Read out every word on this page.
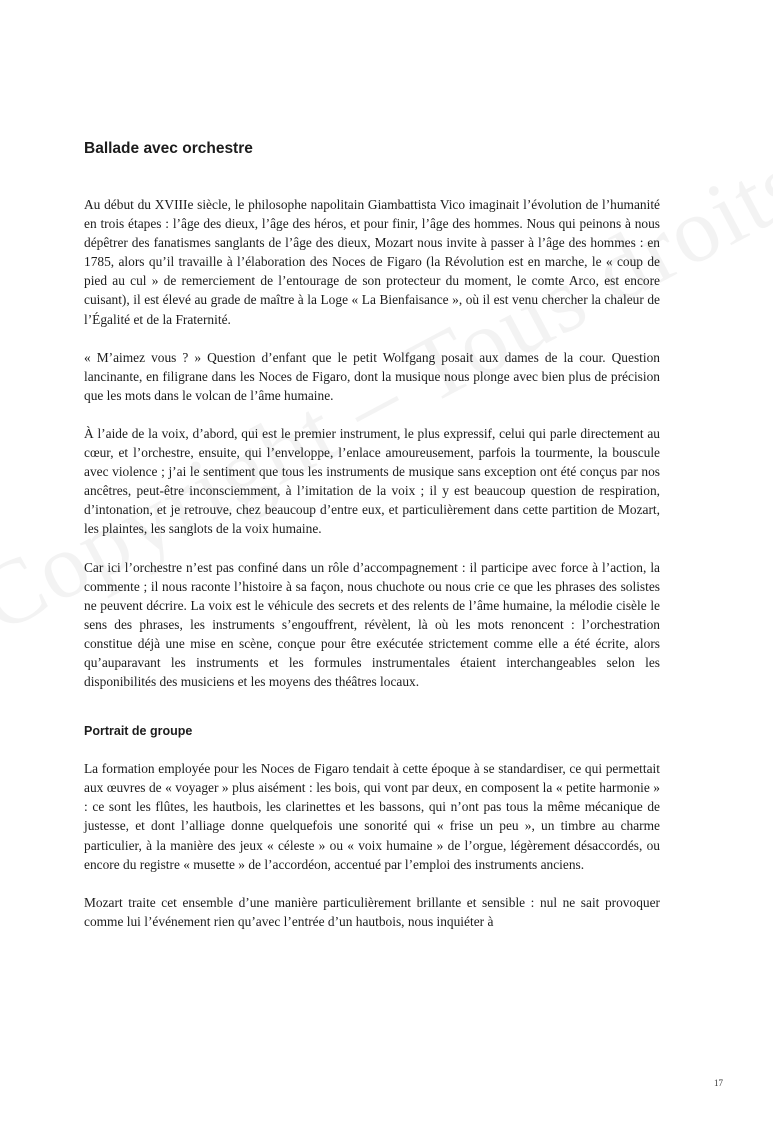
Ballade avec orchestre

Au début du XVIIIe siècle, le philosophe napolitain Giambattista Vico imaginait l’évolution de l’humanité en trois étapes : l’âge des dieux, l’âge des héros, et pour finir, l’âge des hommes. Nous qui peinons à nous dépêtrer des fanatismes sanglants de l’âge des dieux, Mozart nous invite à passer à l’âge des hommes : en 1785, alors qu’il travaille à l’élaboration des Noces de Figaro (la Révolution est en marche, le « coup de pied au cul » de remerciement de l’entourage de son protecteur du moment, le comte Arco, est encore cuisant), il est élevé au grade de maître à la Loge « La Bienfaisance », où il est venu chercher la chaleur de l’Égalité et de la Fraternité.

« M’aimez vous ? » Question d’enfant que le petit Wolfgang posait aux dames de la cour. Question lancinante, en filigrane dans les Noces de Figaro, dont la musique nous plonge avec bien plus de précision que les mots dans le volcan de l’âme humaine.

À l’aide de la voix, d’abord, qui est le premier instrument, le plus expressif, celui qui parle directement au cœur, et l’orchestre, ensuite, qui l’enveloppe, l’enlace amoureusement, parfois la tourmente, la bouscule avec violence ; j’ai le sentiment que tous les instruments de musique sans exception ont été conçus par nos ancêtres, peut-être inconsciemment, à l’imitation de la voix ; il y est beaucoup question de respiration, d’intonation, et je retrouve, chez beaucoup d’entre eux, et particulièrement dans cette partition de Mozart, les plaintes, les sanglots de la voix humaine.

Car ici l’orchestre n’est pas confiné dans un rôle d’accompagnement : il participe avec force à l’action, la commente ; il nous raconte l’histoire à sa façon, nous chuchote ou nous crie ce que les phrases des solistes ne peuvent décrire. La voix est le véhicule des secrets et des relents de l’âme humaine, la mélodie cisèle le sens des phrases, les instruments s’engouffrent, révèlent, là où les mots renoncent : l’orchestration constitue déjà une mise en scène, conçue pour être exécutée strictement comme elle a été écrite, alors qu’auparavant les instruments et les formules instrumentales étaient interchangeables selon les disponibilités des musiciens et les moyens des théâtres locaux.

Portrait de groupe

La formation employée pour les Noces de Figaro tendait à cette époque à se standardiser, ce qui permettait aux œuvres de « voyager » plus aisément : les bois, qui vont par deux, en composent la « petite harmonie » : ce sont les flûtes, les hautbois, les clarinettes et les bassons, qui n’ont pas tous la même mécanique de justesse, et dont l’alliage donne quelquefois une sonorité qui « frise un peu », un timbre au charme particulier, à la manière des jeux « céleste » ou « voix humaine » de l’orgue, légèrement désaccordés, ou encore du registre « musette » de l’accordéon, accentué par l’emploi des instruments anciens.

Mozart traite cet ensemble d’une manière particulièrement brillante et sensible : nul ne sait provoquer comme lui l’événement rien qu’avec l’entrée d’un hautbois, nous inquiéter à

17
